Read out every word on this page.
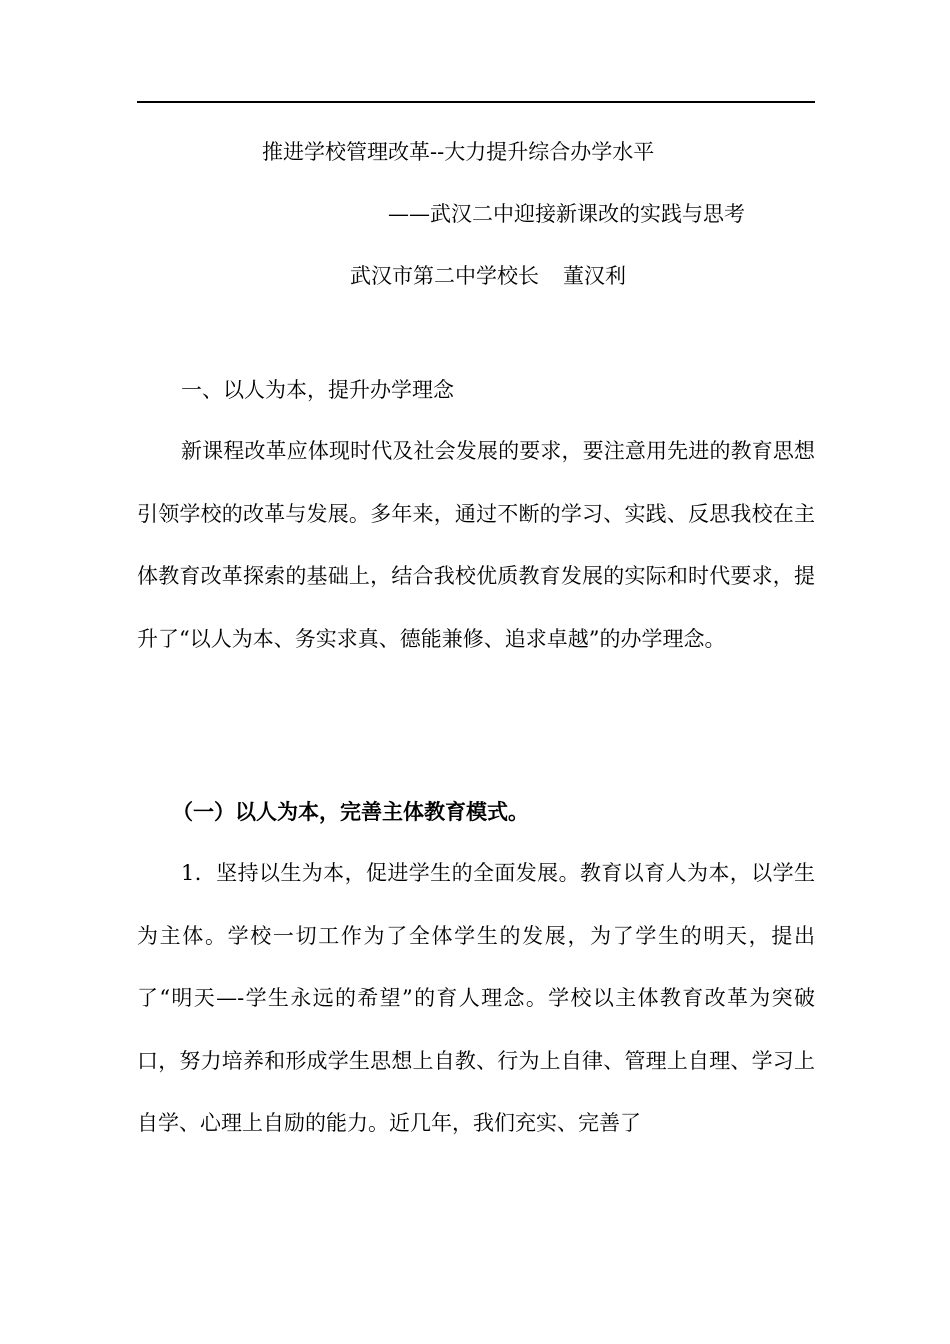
推进学校管理改革--大力提升综合办学水平
——武汉二中迎接新课改的实践与思考
武汉市第二中学校长 董汉利
一、以人为本，提升办学理念

新课程改革应体现时代及社会发展的要求，要注意用先进的教育思想引领学校的改革与发展。多年来，通过不断的学习、实践、反思我校在主体教育改革探索的基础上，结合我校优质教育发展的实际和时代要求，提升了“以人为本、务实求真、德能兼修、追求卓越”的办学理念。

（一）以人为本，完善主体教育模式。

1．坚持以生为本，促进学生的全面发展。教育以育人为本，以学生为主体。学校一切工作为了全体学生的发展，为了学生的明天，提出了“明天—-学生永远的希望”的育人理念。学校以主体教育改革为突破口，努力培养和形成学生思想上自教、行为上自律、管理上自理、学习上自学、心理上自励的能力。近几年，我们充实、完善了
